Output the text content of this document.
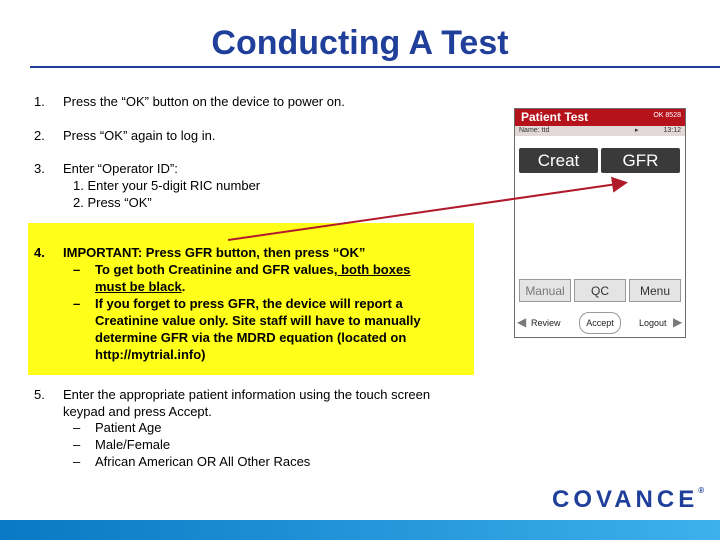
Conducting A Test
1.	Press the “OK” button on the device to power on.
2.	Press “OK” again to log in.
3.	Enter “Operator ID”:
1. Enter your 5-digit RIC number
2. Press “OK”
4.	IMPORTANT: Press GFR button, then press “OK”
– To get both Creatinine and GFR values, both boxes must be black.
– If you forget to press GFR, the device will report a Creatinine value only. Site staff will have to manually determine GFR via the MDRD equation (located on http://mytrial.info)
5.	Enter the appropriate patient information using the touch screen keypad and press Accept.
– Patient Age
– Male/Female
– African American OR All Other Races
Patient Test	OK 8528
Name: ttd	▸	13:12
Creat	GFR
Manual	QC	Menu
◀ Review	Accept	Logout ▶
COVANCE®
